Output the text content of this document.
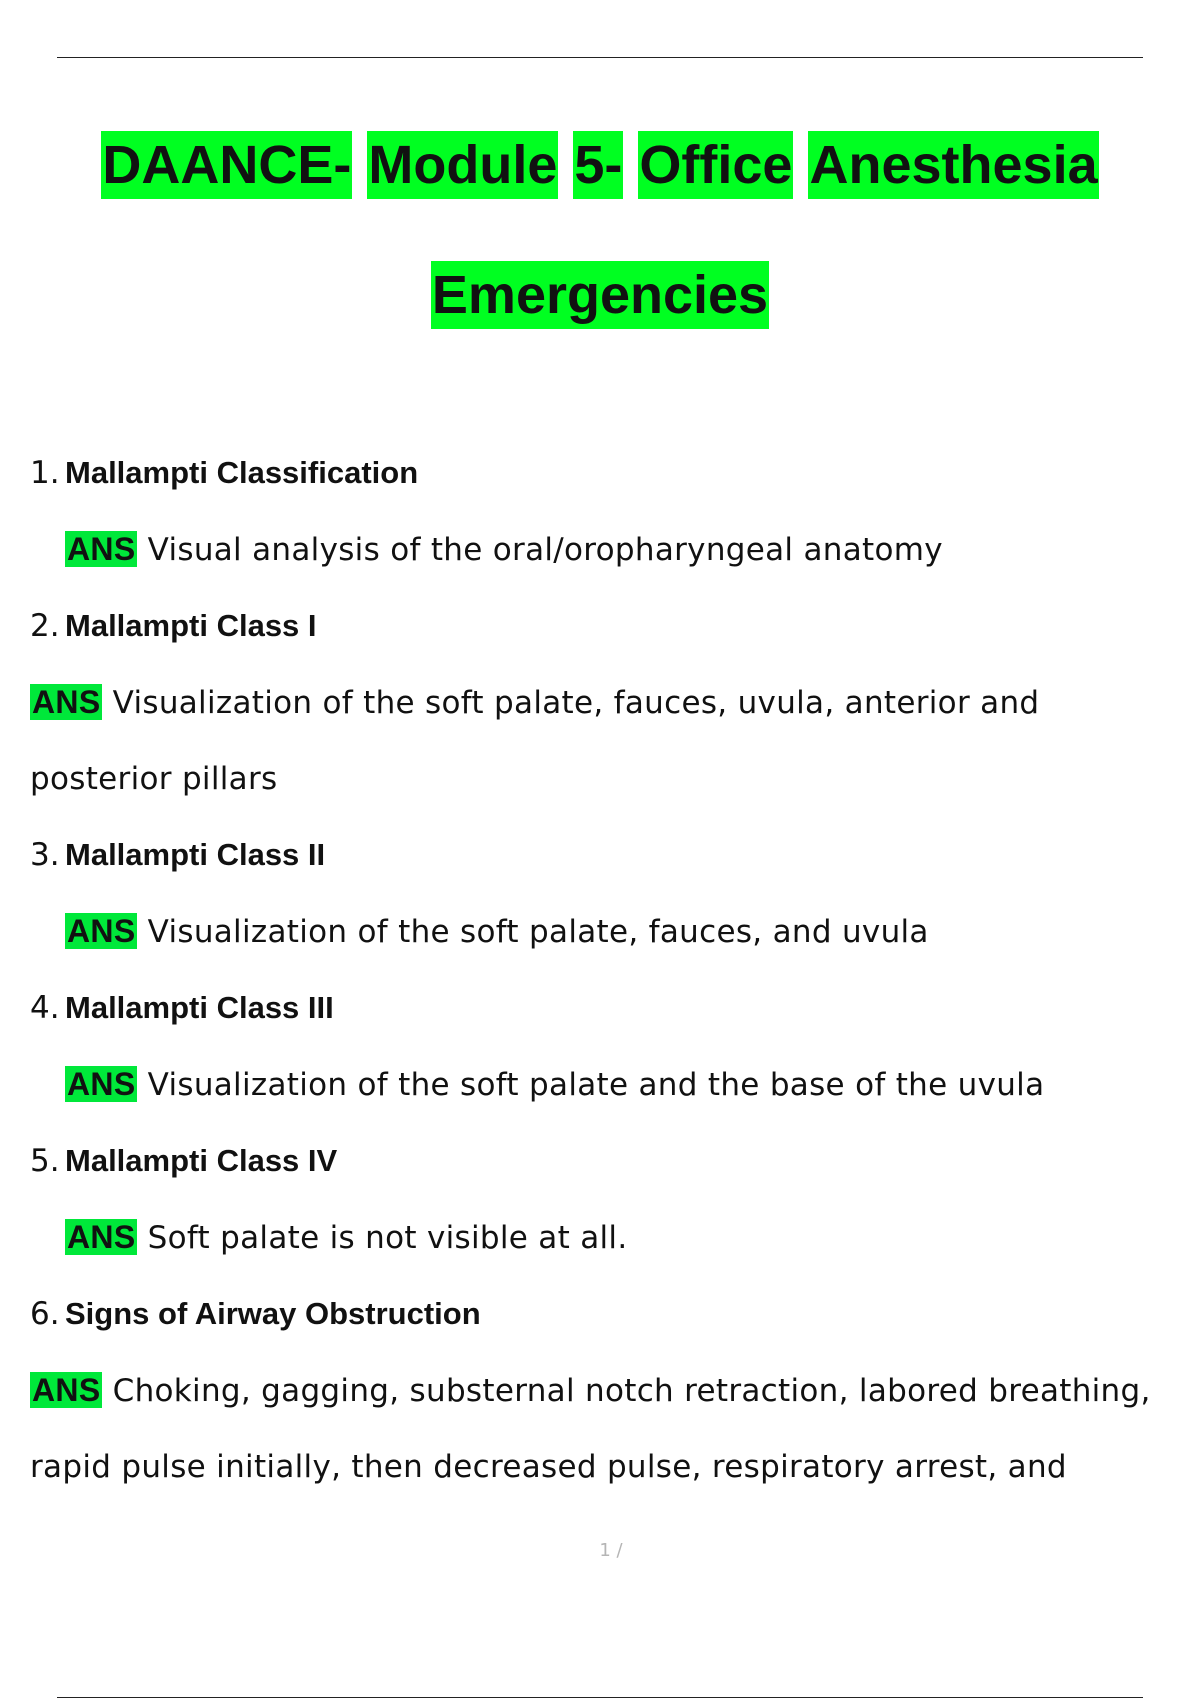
DAANCE- Module 5- Office Anesthesia
Emergencies
1. Mallampti Classification
ANS Visual analysis of the oral/oropharyngeal anatomy
2. Mallampti Class I
ANS Visualization of the soft palate, fauces, uvula, anterior and posterior pillars
3. Mallampti Class II
ANS Visualization of the soft palate, fauces, and uvula
4. Mallampti Class III
ANS Visualization of the soft palate and the base of the uvula
5. Mallampti Class IV
ANS Soft palate is not visible at all.
6. Signs of Airway Obstruction
ANS Choking, gagging, substernal notch retraction, labored breathing, rapid pulse initially, then decreased pulse, respiratory arrest, and
1 /
